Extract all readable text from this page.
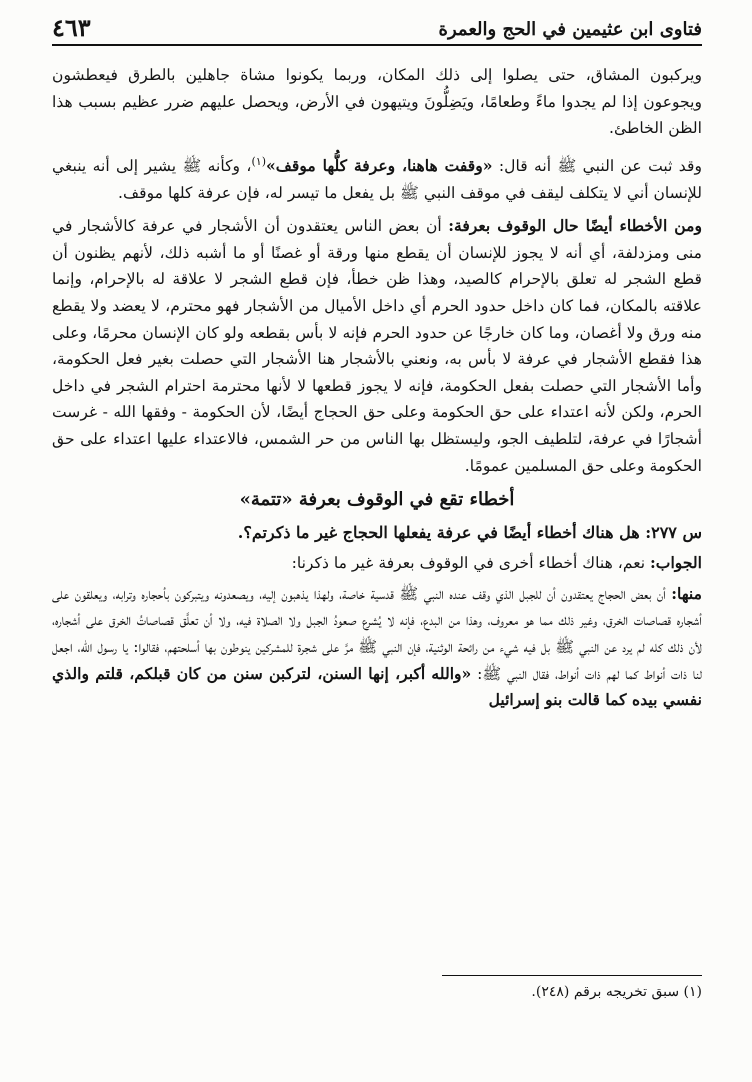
فتاوى ابن عثيمين في الحج والعمرة
٤٦٣

ويركبون المشاق، حتى يصلوا إلى ذلك المكان، وربما يكونوا مشاة جاهلين بالطرق فيعطشون ويجوعون إذا لم يجدوا ماءً وطعامًا، ويَضِلُّونَ ويتيهون في الأرض، ويحصل عليهم ضرر عظيم بسبب هذا الظن الخاطئ.

وقد ثبت عن النبي ﷺ أنه قال: «وقفت هاهنا، وعرفة كلُّها موقف»$^{(١)}$، وكأنه ﷺ يشير إلى أنه ينبغي للإنسان أني لا يتكلف ليقف في موقف النبي ﷺ بل يفعل ما تيسر له، فإن عرفة كلها موقف.

ومن الأخطاء أيضًا حال الوقوف بعرفة: أن بعض الناس يعتقدون أن الأشجار في عرفة كالأشجار في منى ومزدلفة، أي أنه لا يجوز للإنسان أن يقطع منها ورقة أو غصنًا أو ما أشبه ذلك، لأنهم يظنون أن قطع الشجر له تعلق بالإحرام كالصيد، وهذا ظن خطأ، فإن قطع الشجر لا علاقة له بالإحرام، وإنما علاقته بالمكان، فما كان داخل حدود الحرم أي داخل الأميال من الأشجار فهو محترم، لا يعضد ولا يقطع منه ورق ولا أغصان، وما كان خارجًا عن حدود الحرم فإنه لا بأس بقطعه ولو كان الإنسان محرمًا، وعلى هذا فقطع الأشجار في عرفة لا بأس به، ونعني بالأشجار هنا الأشجار التي حصلت بغير فعل الحكومة، وأما الأشجار التي حصلت بفعل الحكومة، فإنه لا يجوز قطعها لا لأنها محترمة احترام الشجر في داخل الحرم، ولكن لأنه اعتداء على حق الحكومة وعلى حق الحجاج أيضًا، لأن الحكومة - وفقها الله - غرست أشجارًا في عرفة، لتلطيف الجو، وليستظل بها الناس من حر الشمس، فالاعتداء عليها اعتداء على حق الحكومة وعلى حق المسلمين عمومًا.

أخطاء تقع في الوقوف بعرفة «تتمة»
س ٢٧٧: هل هناك أخطاء أيضًا في عرفة يفعلها الحجاج غير ما ذكرتم؟.
الجواب: نعم، هناك أخطاء أخرى في الوقوف بعرفة غير ما ذكرنا:

منها: أن بعض الحجاج يعتقدون أن للجبل الذي وقف عنده النبي ﷺ قدسية خاصة، ولهذا يذهبون إليه، ويصعدونه ويتبركون بأحجاره وترابه، ويعلقون على أشجاره قصاصات الخرق، وغير ذلك مما هو معروف، وهذا من البدع، فإنه لا يُشرع صعودُ الجبل ولا الصلاة فيه، ولا أن تعلَّق قصاصاتُ الخرق على أشجاره، لأن ذلك كله لم يرد عن النبي ﷺ بل فيه شيء من رائحة الوثنية، فإن النبي ﷺ مرَّ على شجرة للمشركين ينوطون بها أسلحتهم، فقالوا: يا رسول الله، اجعل لنا ذات أنواط كما لهم ذات أنواط، فقال النبي ﷺ: «والله أكبر، إنها السنن، لتركبن سنن من كان قبلكم، قلتم والذي نفسي بيده كما قالت بنو إسرائيل

(١) سبق تخريجه برقم (٢٤٨).
